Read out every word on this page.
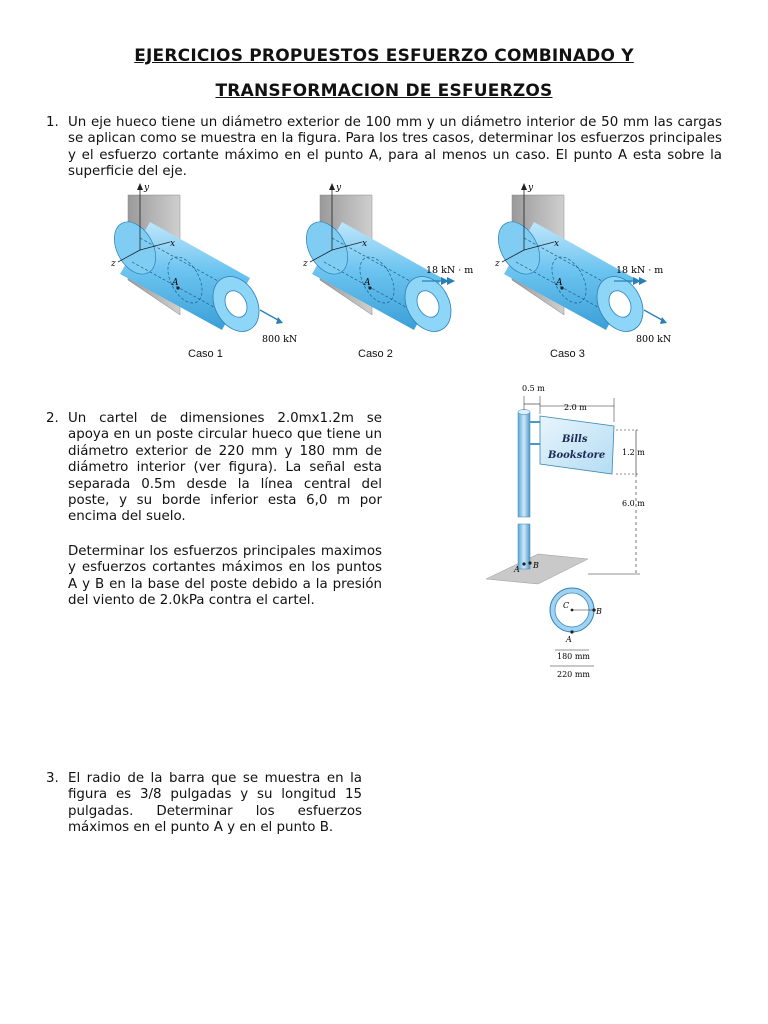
EJERCICIOS PROPUESTOS ESFUERZO COMBINADO Y
TRANSFORMACION DE ESFUERZOS
1. Un eje hueco tiene un diámetro exterior de 100 mm y un diámetro interior de 50 mm las cargas se aplican como se muestra en la figura. Para los tres casos, determinar los esfuerzos principales y el esfuerzo cortante máximo en el punto A, para al menos un caso. El punto A esta sobre la superficie del eje.
y
z
x
A
800 kN
Caso 1
y
z
x
A
18 kN · m
Caso 2
y
z
x
A
18 kN · m
800 kN
Caso 3
2. Un cartel de dimensiones 2.0mx1.2m se apoya en un poste circular hueco que tiene un diámetro exterior de 220 mm y 180 mm de diámetro interior (ver figura). La señal esta separada 0.5m desde la línea central del poste, y su borde inferior esta 6,0 m por encima del suelo.
Determinar los esfuerzos principales maximos y esfuerzos cortantes máximos en los puntos A y B en la base del poste debido a la presión del viento de 2.0kPa contra el cartel.
Bills
Bookstore
0.5 m
2.0 m
1.2 m
6.0 m
A B
C
B
A
180 mm
220 mm
3. El radio de la barra que se muestra en la figura es 3/8 pulgadas y su longitud 15 pulgadas. Determinar los esfuerzos máximos en el punto A y en el punto B.
